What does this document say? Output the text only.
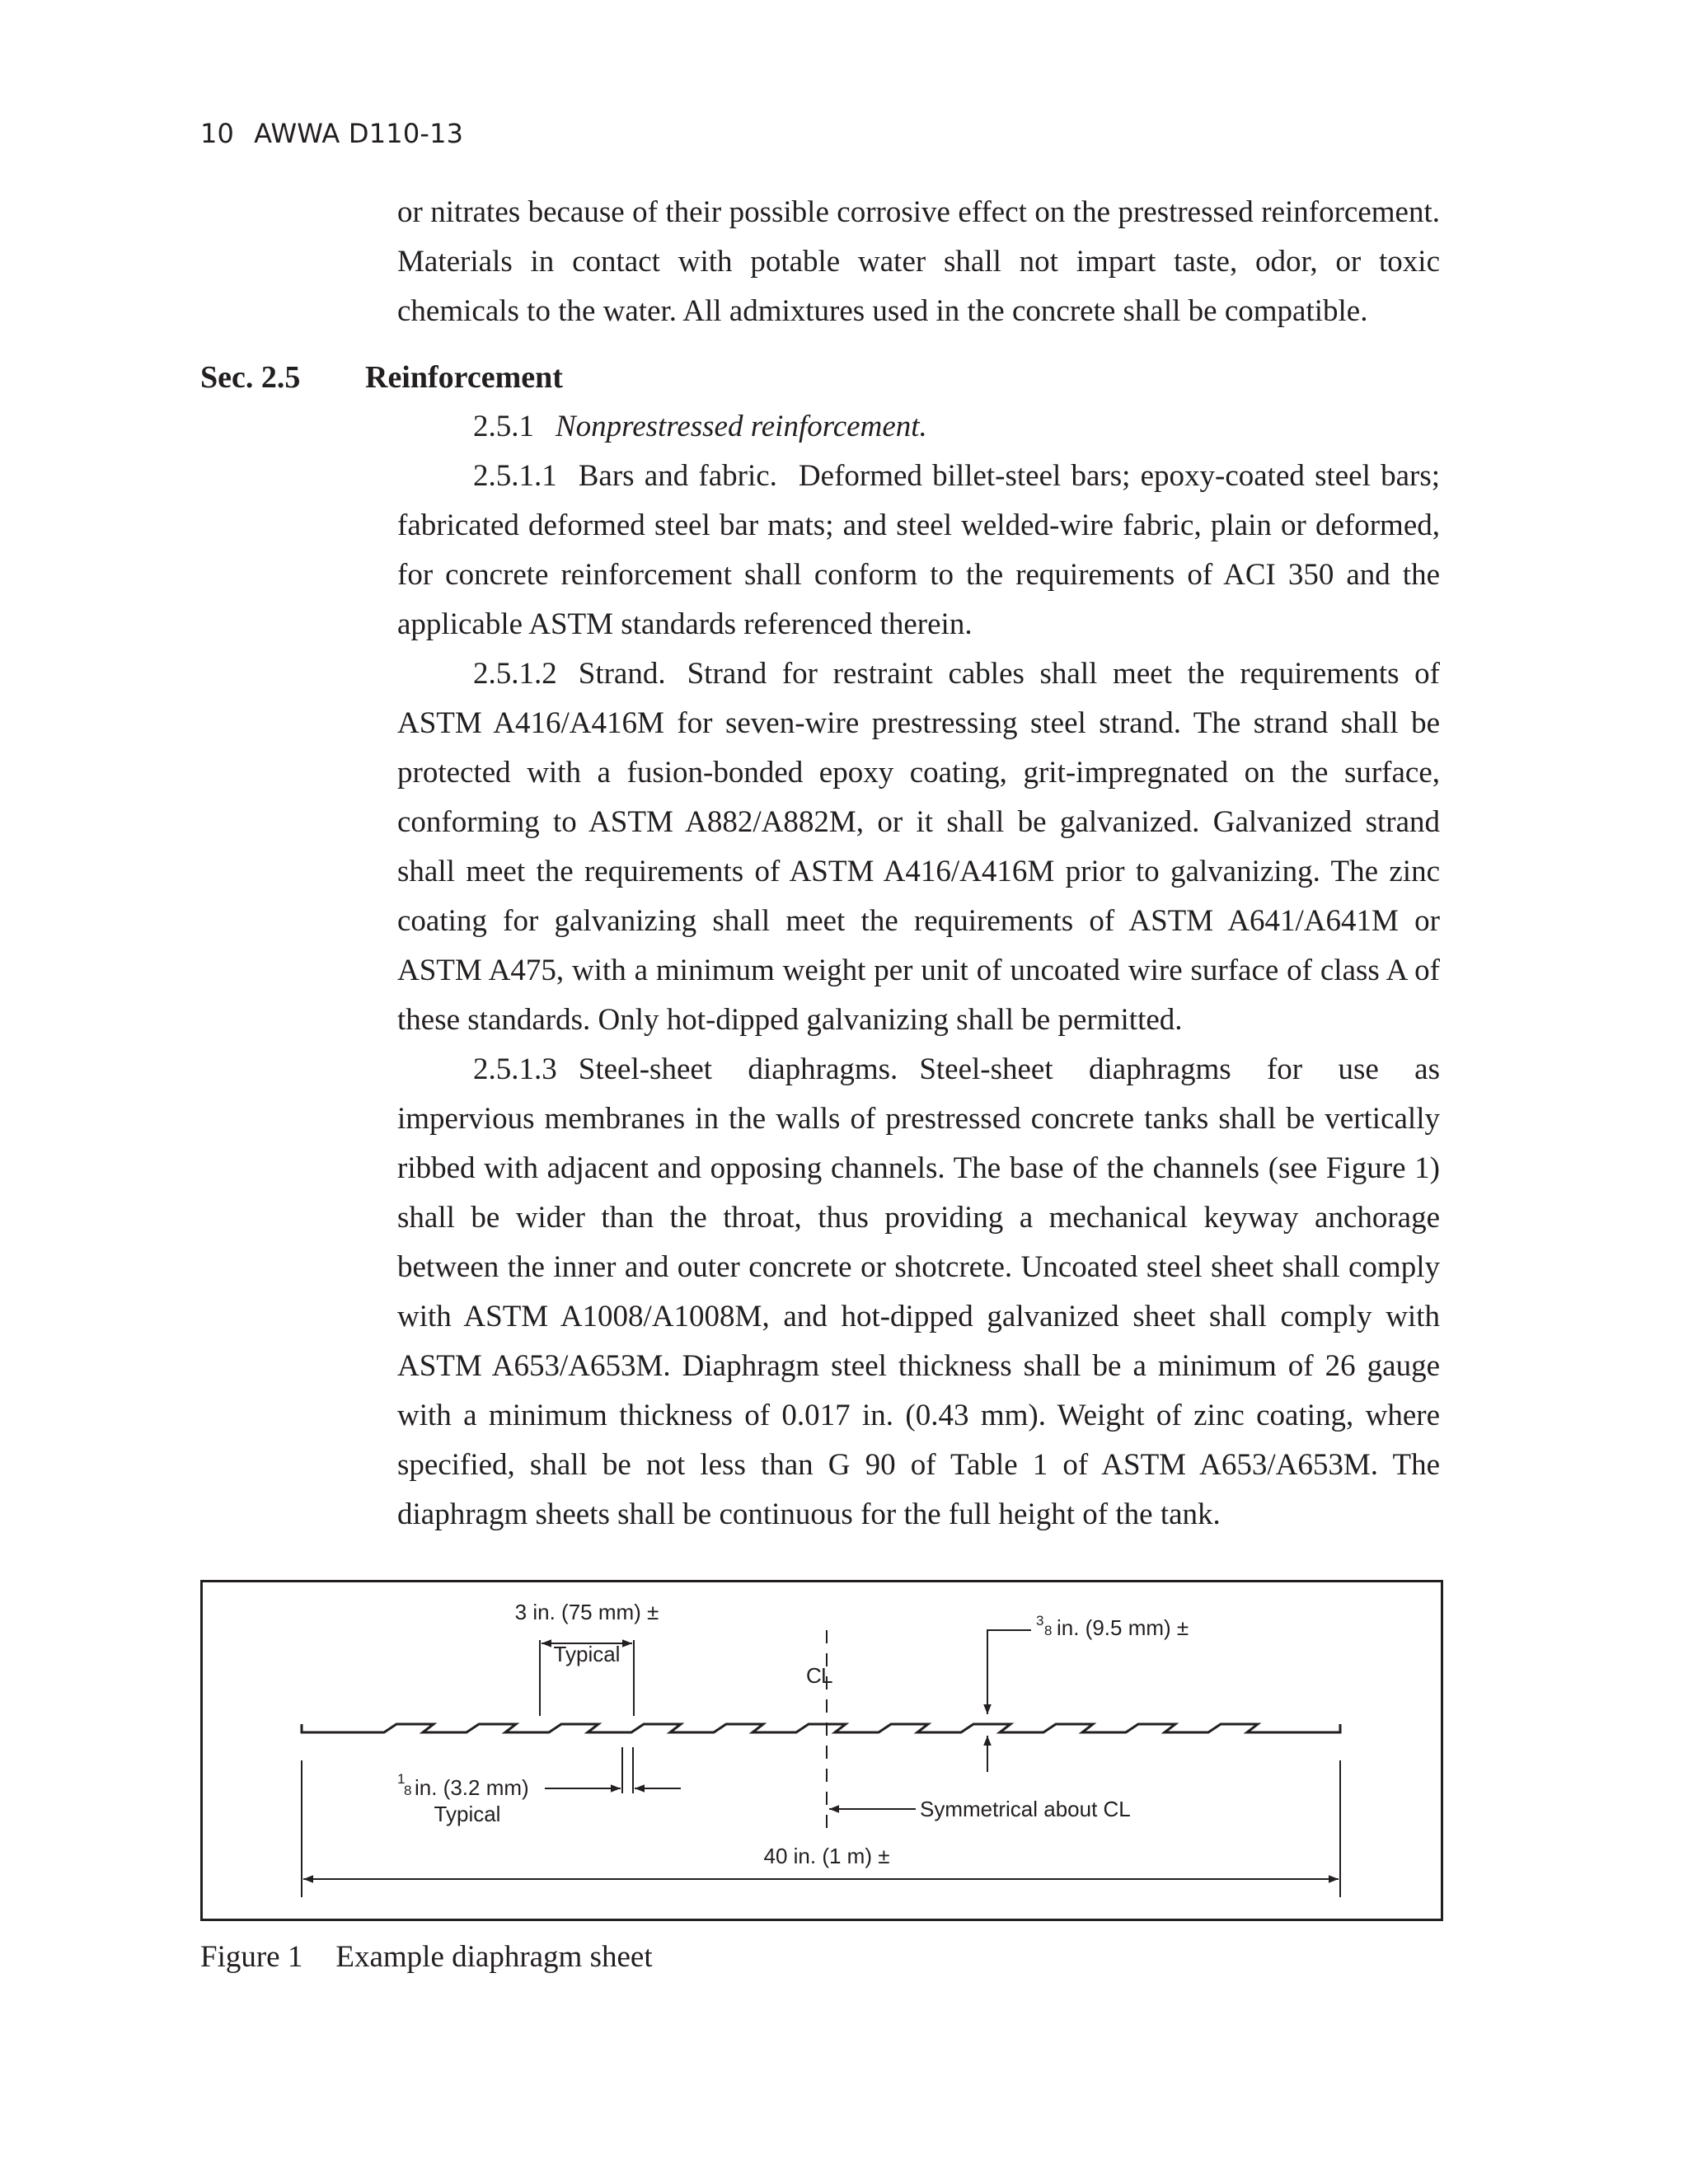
10 AWWA D110-13

or nitrates because of their possible corrosive effect on the prestressed reinforcement. Materials in contact with potable water shall not impart taste, odor, or toxic chemicals to the water. All admixtures used in the concrete shall be compatible.

Sec. 2.5	Reinforcement

2.5.1 Nonprestressed reinforcement.

2.5.1.1 Bars and fabric. Deformed billet-steel bars; epoxy-coated steel bars; fabricated deformed steel bar mats; and steel welded-wire fabric, plain or deformed, for concrete reinforcement shall conform to the requirements of ACI 350 and the applicable ASTM standards referenced therein.

2.5.1.2 Strand. Strand for restraint cables shall meet the requirements of ASTM A416/A416M for seven-wire prestressing steel strand. The strand shall be protected with a fusion-bonded epoxy coating, grit-impregnated on the surface, conforming to ASTM A882/A882M, or it shall be galvanized. Galvanized strand shall meet the requirements of ASTM A416/A416M prior to galvanizing. The zinc coating for galvanizing shall meet the requirements of ASTM A641/A641M or ASTM A475, with a minimum weight per unit of uncoated wire surface of class A of these standards. Only hot-dipped galvanizing shall be permitted.

2.5.1.3 Steel-sheet diaphragms. Steel-sheet diaphragms for use as impervious membranes in the walls of prestressed concrete tanks shall be vertically ribbed with adjacent and opposing channels. The base of the channels (see Figure 1) shall be wider than the throat, thus providing a mechanical keyway anchorage between the inner and outer concrete or shotcrete. Uncoated steel sheet shall comply with ASTM A1008/A1008M, and hot-dipped galvanized sheet shall comply with ASTM A653/A653M. Diaphragm steel thickness shall be a minimum of 26 gauge with a minimum thickness of 0.017 in. (0.43 mm). Weight of zinc coating, where specified, shall be not less than G 90 of Table 1 of ASTM A653/A653M. The diaphragm sheets shall be continuous for the full height of the tank.

C L
3 in. (75 mm) ±
Typical
3
8 in. (9.5 mm) ±
1
8 in. (3.2 mm)
Typical	Symmetrical about CL
40 in. (1 m) ±
Figure 1 Example diaphragm sheet
